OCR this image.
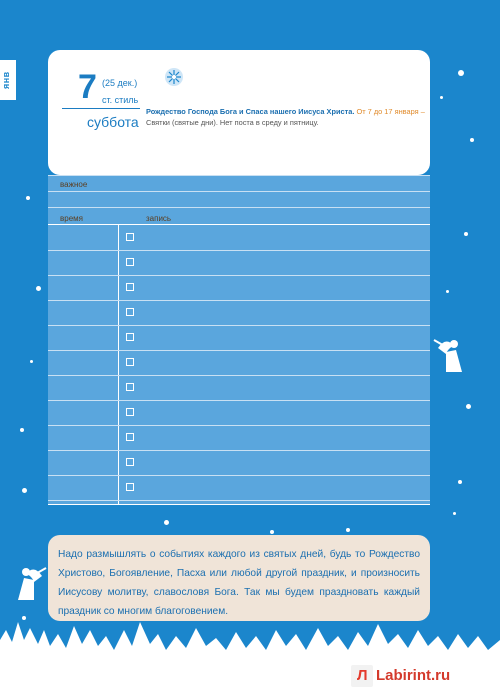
янв 7 (25 дек.)
ст. стиль
суббота
Рождество Господа Бога и Спаса нашего Иисуса Христа. От 7 до 17 января – Святки (святые дни). Нет поста в среду и пятницу.
важное
время	запись
Надо размышлять о событиях каждого из святых дней, будь то Рождество Христово, Богоявление, Пасха или любой другой праздник, и произносить Иисусову молитву, славословя Бога. Так мы будем праздновать каждый праздник со многим благоговением.
Л Labirint.ru
